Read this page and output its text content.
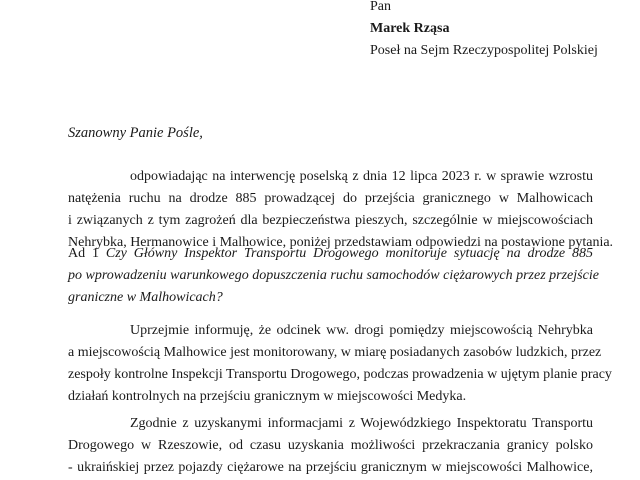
Pan
Marek Rząsa
Poseł na Sejm Rzeczypospolitej Polskiej
Szanowny Panie Pośle,
odpowiadając na interwencję poselską z dnia 12 lipca 2023 r. w sprawie wzrostu
natężenia ruchu na drodze 885 prowadzącej do przejścia granicznego w Malhowicach
i związanych z tym zagrożeń dla bezpieczeństwa pieszych, szczególnie w miejscowościach
Nehrybka, Hermanowice i Malhowice, poniżej przedstawiam odpowiedzi na postawione pytania.
Ad 1 Czy Główny Inspektor Transportu Drogowego monitoruje sytuację na drodze 885
po wprowadzeniu warunkowego dopuszczenia ruchu samochodów ciężarowych przez przejście
graniczne w Malhowicach?
Uprzejmie informuję, że odcinek ww. drogi pomiędzy miejscowością Nehrybka
a miejscowością Malhowice jest monitorowany, w miarę posiadanych zasobów ludzkich, przez
zespoły kontrolne Inspekcji Transportu Drogowego, podczas prowadzenia w ujętym planie pracy
działań kontrolnych na przejściu granicznym w miejscowości Medyka.
Zgodnie z uzyskanymi informacjami z Wojewódzkiego Inspektoratu Transportu
Drogowego w Rzeszowie, od czasu uzyskania możliwości przekraczania granicy polsko
- ukraińskiej przez pojazdy ciężarowe na przejściu granicznym w miejscowości Malhowice,
